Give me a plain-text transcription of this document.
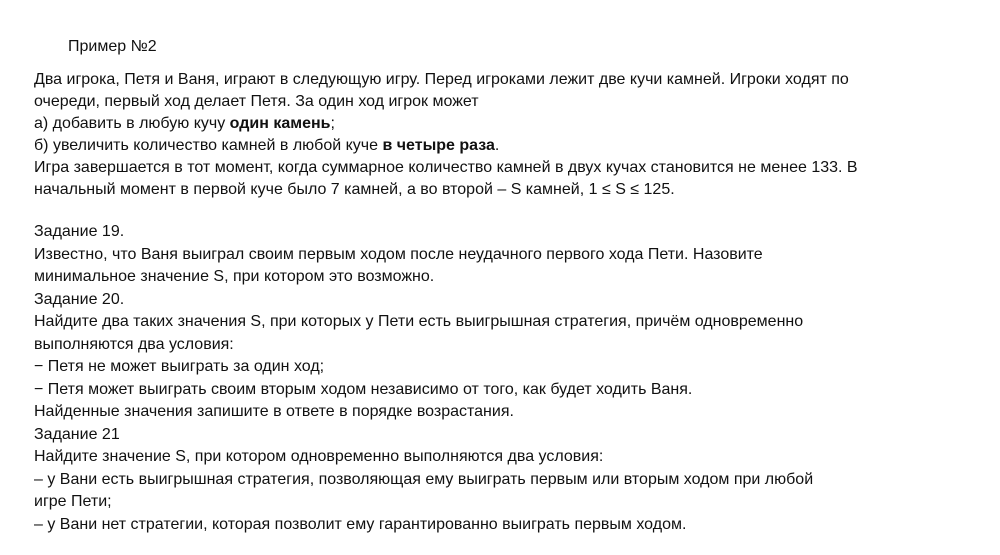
Пример №2
Два игрока, Петя и Ваня, играют в следующую игру. Перед игроками лежит две кучи камней. Игроки ходят по
очереди, первый ход делает Петя. За один ход игрок может
а) добавить в любую кучу один камень;
б) увеличить количество камней в любой куче в четыре раза.
Игра завершается в тот момент, когда суммарное количество камней в двух кучах становится не менее 133. В
начальный момент в первой куче было 7 камней, а во второй – S камней, 1 ≤ S ≤ 125.
Задание 19.
Известно, что Ваня выиграл своим первым ходом после неудачного первого хода Пети. Назовите
минимальное значение S, при котором это возможно.
Задание 20.
Найдите два таких значения S, при которых у Пети есть выигрышная стратегия, причём одновременно
выполняются два условия:
− Петя не может выиграть за один ход;
− Петя может выиграть своим вторым ходом независимо от того, как будет ходить Ваня.
Найденные значения запишите в ответе в порядке возрастания.
Задание 21
Найдите значение S, при котором одновременно выполняются два условия:
– у Вани есть выигрышная стратегия, позволяющая ему выиграть первым или вторым ходом при любой
игре Пети;
– у Вани нет стратегии, которая позволит ему гарантированно выиграть первым ходом.
